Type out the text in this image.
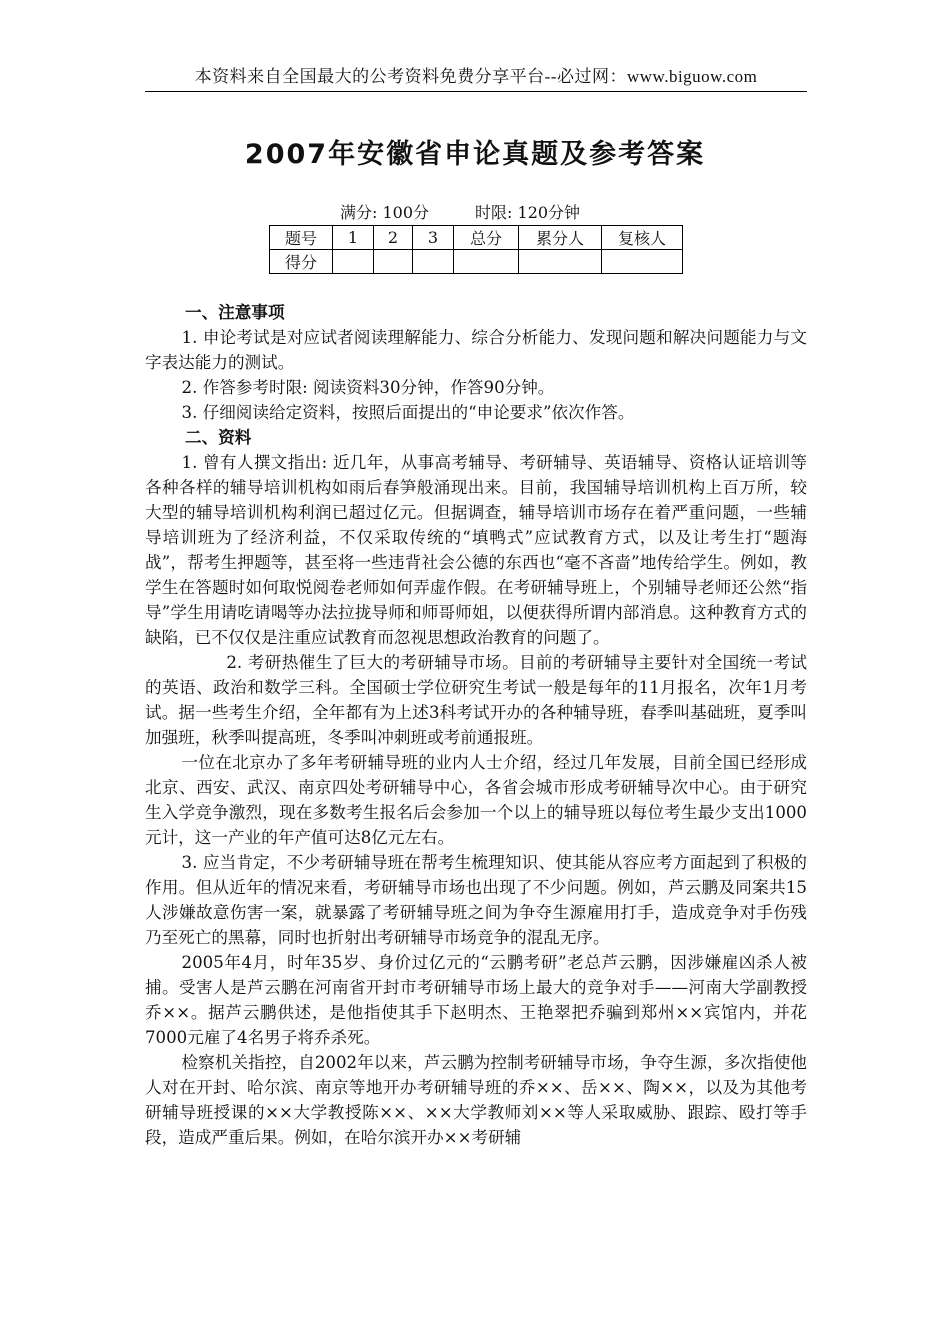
本资料来自全国最大的公考资料免费分享平台--必过网：www.biguow.com
2007年安徽省申论真题及参考答案
满分: 100分	时限: 120分钟
题号	1	2	3	总分	累分人	复核人
得分						
一、注意事项

1. 申论考试是对应试者阅读理解能力、综合分析能力、发现问题和解决问题能力与文字表达能力的测试。

2. 作答参考时限: 阅读资料30分钟，作答90分钟。

3. 仔细阅读给定资料，按照后面提出的“申论要求”依次作答。

二、资料

1. 曾有人撰文指出: 近几年，从事高考辅导、考研辅导、英语辅导、资格认证培训等各种各样的辅导培训机构如雨后春笋般涌现出来。目前，我国辅导培训机构上百万所，较大型的辅导培训机构利润已超过亿元。但据调查，辅导培训市场存在着严重问题，一些辅导培训班为了经济利益，不仅采取传统的“填鸭式”应试教育方式，以及让考生打“题海战”，帮考生押题等，甚至将一些违背社会公德的东西也“毫不吝啬”地传给学生。例如，教学生在答题时如何取悦阅卷老师如何弄虚作假。在考研辅导班上，个别辅导老师还公然“指导”学生用请吃请喝等办法拉拢导师和师哥师姐，以便获得所谓内部消息。这种教育方式的缺陷，已不仅仅是注重应试教育而忽视思想政治教育的问题了。

2. 考研热催生了巨大的考研辅导市场。目前的考研辅导主要针对全国统一考试的英语、政治和数学三科。全国硕士学位研究生考试一般是每年的11月报名，次年1月考试。据一些考生介绍，全年都有为上述3科考试开办的各种辅导班，春季叫基础班，夏季叫加强班，秋季叫提高班，冬季叫冲刺班或考前通报班。

一位在北京办了多年考研辅导班的业内人士介绍，经过几年发展，目前全国已经形成北京、西安、武汉、南京四处考研辅导中心，各省会城市形成考研辅导次中心。由于研究生入学竞争激烈，现在多数考生报名后会参加一个以上的辅导班以每位考生最少支出1000元计，这一产业的年产值可达8亿元左右。

3. 应当肯定，不少考研辅导班在帮考生梳理知识、使其能从容应考方面起到了积极的作用。但从近年的情况来看，考研辅导市场也出现了不少问题。例如，芦云鹏及同案共15人涉嫌故意伤害一案，就暴露了考研辅导班之间为争夺生源雇用打手，造成竞争对手伤残乃至死亡的黑幕，同时也折射出考研辅导市场竞争的混乱无序。

2005年4月，时年35岁、身价过亿元的“云鹏考研”老总芦云鹏，因涉嫌雇凶杀人被捕。受害人是芦云鹏在河南省开封市考研辅导市场上最大的竞争对手——河南大学副教授乔××。据芦云鹏供述，是他指使其手下赵明杰、王艳翠把乔骗到郑州××宾馆内，并花7000元雇了4名男子将乔杀死。

检察机关指控，自2002年以来，芦云鹏为控制考研辅导市场，争夺生源，多次指使他人对在开封、哈尔滨、南京等地开办考研辅导班的乔××、岳××、陶××，以及为其他考研辅导班授课的××大学教授陈××、××大学教师刘××等人采取威胁、跟踪、殴打等手段，造成严重后果。例如，在哈尔滨开办××考研辅
